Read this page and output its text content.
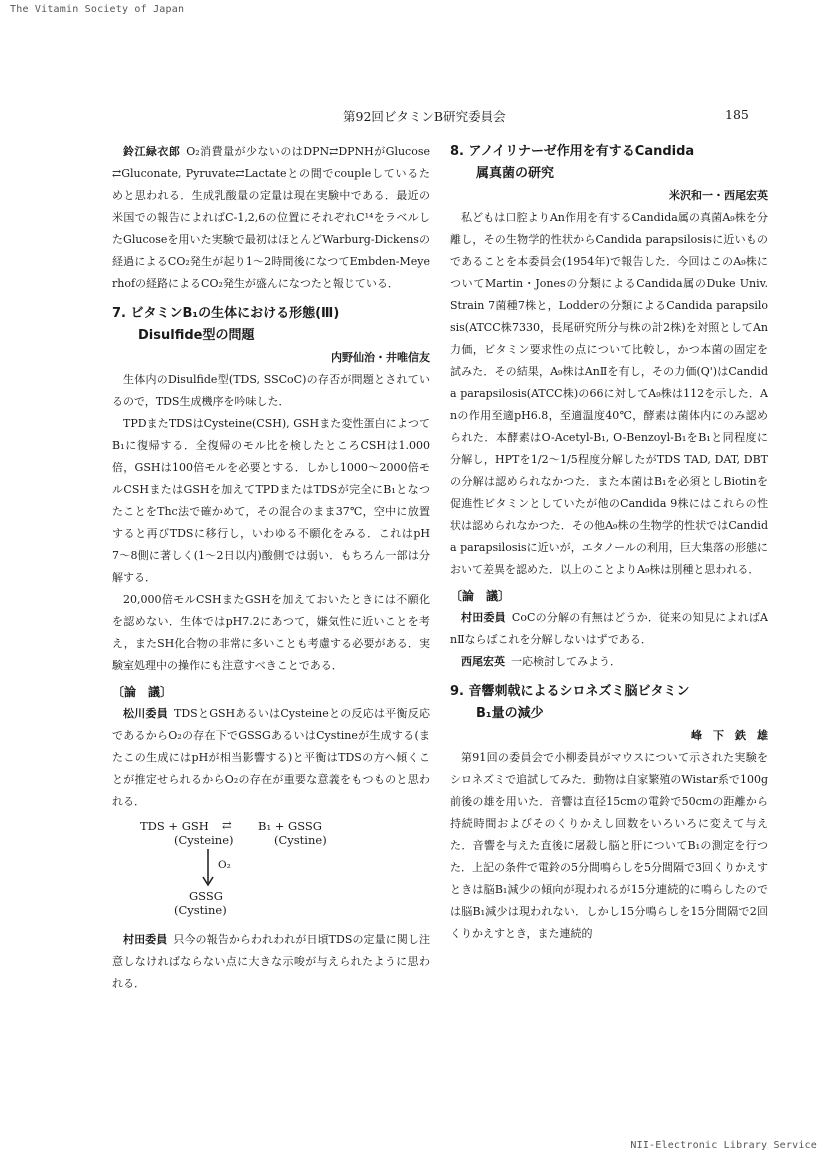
The Vitamin Society of Japan
第92回ビタミンB研究委員会	185

鈴江緑衣郎 O₂消費量が少ないのはDPN⇄DPNHがGlucose⇄Gluconate, Pyruvate⇄Lactateとの間でcoupleしているためと思われる．生成乳酸量の定量は現在実験中である．最近の米国での報告によればC-1,2,6の位置にそれぞれC¹⁴をラベルしたGlucoseを用いた実験で最初はほとんどWarburg-Dickensの経過によるCO₂発生が起り1〜2時間後になつてEmbden-Meyerhofの経路によるCO₂発生が盛んになつたと報じている．

7. ビタミンB₁の生体における形態(Ⅲ)
Disulfide型の問題

内野仙治・井唯信友

生体内のDisulfide型(TDS, SSCoC)の存否が問題とされているので，TDS生成機序を吟味した．

TPDまたTDSはCysteine(CSH), GSHまた変性蛋白によつてB₁に復帰する．全復帰のモル比を検したところCSHは1.000倍，GSHは100倍モルを必要とする．しかし1000〜2000倍モルCSHまたはGSHを加えてTPDまたはTDSが完全にB₁となつたことをThc法で確かめて，その混合のまま37℃，空中に放置すると再びTDSに移行し，いわゆる不願化をみる．これはpH7〜8側に著しく(1〜2日以内)酸側では弱い．もちろん一部は分解する．

20,000倍モルCSHまたGSHを加えておいたときには不願化を認めない．生体ではpH7.2にあつて，嫌気性に近いことを考え，またSH化合物の非常に多いことも考慮する必要がある．実験室処理中の操作にも注意すべきことである．

〔論　議〕

松川委員 TDSとGSHあるいはCysteineとの反応は平衡反応であるからO₂の存在下でGSSGあるいはCystineが生成する(またこの生成にはpHが相当影響する)と平衡はTDSの方へ傾くことが推定せられるからO₂の存在が重要な意義をもつものと思われる．

TDS + GSH ⇄ B₁ + GSSG
(Cysteine)	(Cystine)
O₂
GSSG
(Cystine)

村田委員 只今の報告からわれわれが日頃TDSの定量に関し注意しなければならない点に大きな示唆が与えられたように思われる．

8. アノイリナーゼ作用を有するCandida
属真菌の研究

米沢和一・西尾宏英

私どもは口腔よりAn作用を有するCandida属の真菌A₉株を分離し，その生物学的性状からCandida parapsilosisに近いものであることを本委員会(1954年)で報告した．今回はこのA₉株についてMartin・Jonesの分類によるCandida属のDuke Univ. Strain 7菌種7株と，Lodderの分類によるCandida parapsilosis(ATCC株7330，長尾研究所分与株の計2株)を対照としてAn力価，ビタミン要求性の点について比較し，かつ本菌の固定を試みた．その結果，A₉株はAnⅡを有し，その力価(Q')はCandida parapsilosis(ATCC株)の66に対してA₉株は112を示した．Anの作用至適pH6.8，至適温度40℃，酵素は菌体内にのみ認められた．本酵素はO-Acetyl-B₁, O-Benzoyl-B₁をB₁と同程度に分解し，HPTを1/2〜1/5程度分解したがTDS TAD, DAT, DBTの分解は認められなかつた．また本菌はB₁を必須としBiotinを促進性ビタミンとしていたが他のCandida 9株にはこれらの性状は認められなかつた．その他A₉株の生物学的性状ではCandida parapsilosisに近いが，エタノールの利用，巨大集落の形態において差異を認めた．以上のことよりA₉株は別種と思われる．

〔論　議〕

村田委員 CoCの分解の有無はどうか．従来の知見によればAnⅡならばこれを分解しないはずである．

西尾宏英 一応検討してみよう．

9. 音響刺戟によるシロネズミ脳ビタミン
B₁量の減少

峰　下　鉄　雄

第91回の委員会で小柳委員がマウスについて示された実験をシロネズミで追試してみた．動物は自家繁殖のWistar系で100g前後の雄を用いた．音響は直径15cmの電鈴で50cmの距離から持続時間およびそのくりかえし回数をいろいろに変えて与えた．音響を与えた直後に屠殺し脳と肝についてB₁の測定を行つた．上記の条件で電鈴の5分間鳴らしを5分間隔で3回くりかえすときは脳B₁減少の傾向が現われるが15分連続的に鳴らしたのでは脳B₁減少は現われない．しかし15分鳴らしを15分間隔で2回くりかえすとき，また連続的

NII-Electronic Library Service
